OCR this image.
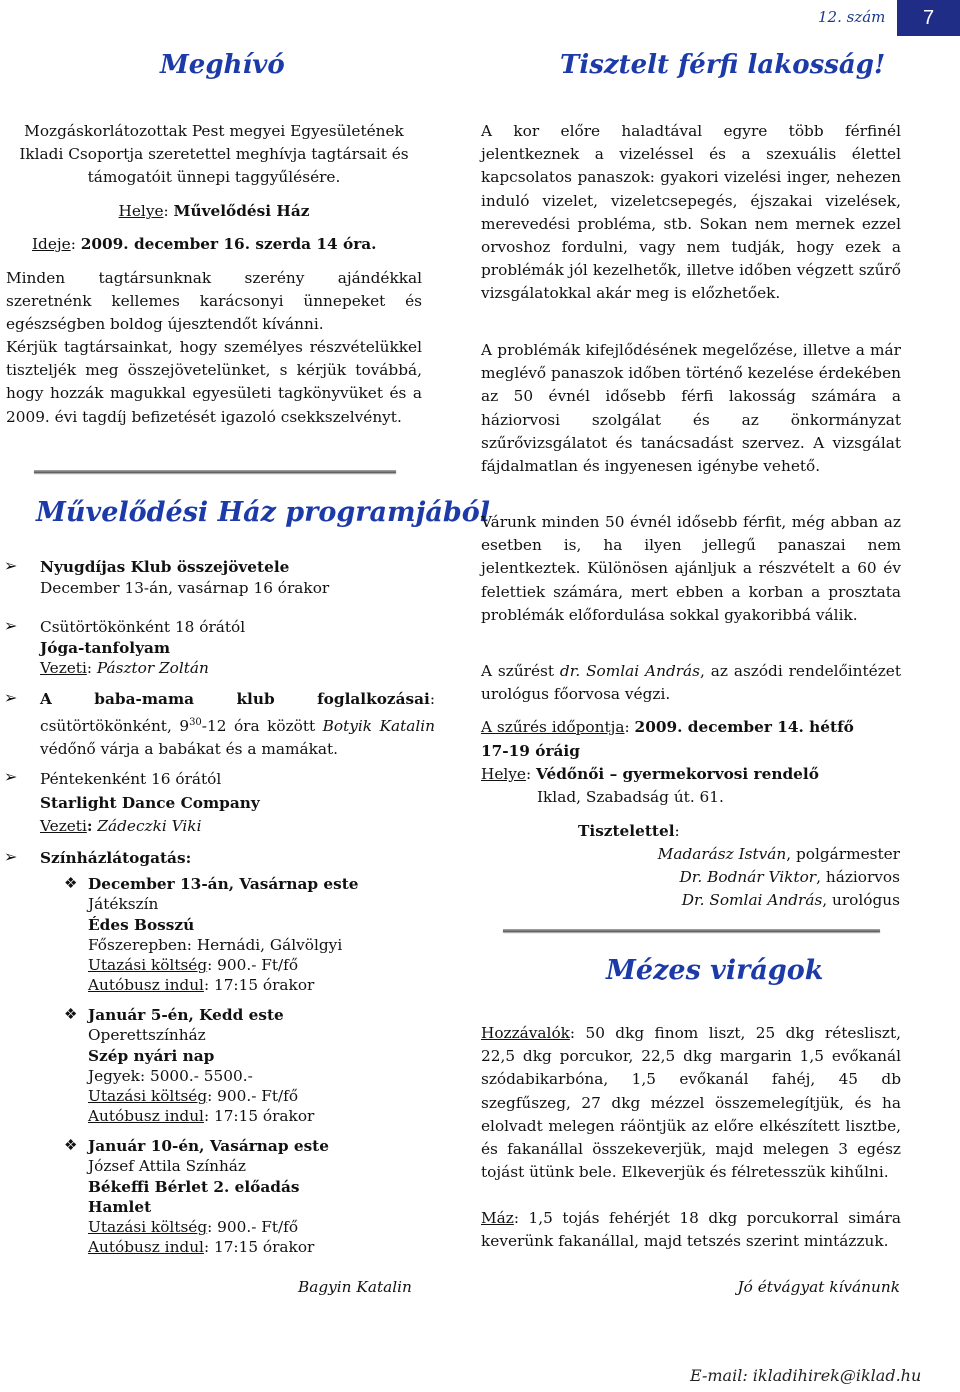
12. szám	7
Meghívó
Mozgáskorlátozottak Pest megyei Egyesületének Ikladi Csoportja szeretettel meghívja tagtársait és támogatóit ünnepi taggyűlésére.
Helye: Művelődési Ház
Ideje: 2009. december 16. szerda 14 óra.
Minden tagtársunknak szerény ajándékkal szeretnénk kellemes karácsonyi ünnepeket és egészségben boldog újesztendőt kívánni.
Kérjük tagtársainkat, hogy személyes részvételükkel tiszteljék meg összejövetelünket, s kérjük továbbá, hogy hozzák magukkal egyesületi tagkönyvüket és a 2009. évi tagdíj befizetését igazoló csekkszelvényt.
Művelődési Ház programjából
➢ Nyugdíjas Klub összejövetele
December 13-án, vasárnap 16 órakor
➢ Csütörtökönként 18 órától
Jóga-tanfolyam
Vezeti: Pásztor Zoltán
➢ A baba-mama klub foglalkozásai: csütörtökönként, $9^{30}-12$ óra között Botyik Katalin védőnő várja a babákat és a mamákat.
➢ Péntekenként 16 órától
Starlight Dance Company
Vezeti: Zádeczki Viki
➢ Színházlátogatás:
❖ December 13-án, Vasárnap este
Játékszín
Édes Bosszú
Főszerepben: Hernádi, Gálvölgyi
Utazási költség: 900.- Ft/fő
Autóbusz indul: 17:15 órakor
❖ Január 5-én, Kedd este
Operettszínház
Szép nyári nap
Jegyek: 5000.- 5500.-
Utazási költség: 900.- Ft/fő
Autóbusz indul: 17:15 órakor
❖ Január 10-én, Vasárnap este
József Attila Színház
Békeffi Bérlet 2. előadás
Hamlet
Utazási költség: 900.- Ft/fő
Autóbusz indul: 17:15 órakor
Bagyin Katalin
Tisztelt férfi lakosság!
A kor előre haladtával egyre több férfinél jelentkeznek a vizeléssel és a szexuális élettel kapcsolatos panaszok: gyakori vizelési inger, nehezen induló vizelet, vizeletcsepegés, éjszakai vizelések, merevedési probléma, stb. Sokan nem mernek ezzel orvoshoz fordulni, vagy nem tudják, hogy ezek a problémák jól kezelhetők, illetve időben végzett szűrő vizsgálatokkal akár meg is előzhetőek.
A problémák kifejlődésének megelőzése, illetve a már meglévő panaszok időben történő kezelése érdekében az 50 évnél idősebb férfi lakosság számára a háziorvosi szolgálat és az önkormányzat szűrővizsgálatot és tanácsadást szervez. A vizsgálat fájdalmatlan és ingyenesen igénybe vehető.
Várunk minden 50 évnél idősebb férfit, még abban az esetben is, ha ilyen jellegű panaszai nem jelentkeztek. Különösen ajánljuk a részvételt a 60 év felettiek számára, mert ebben a korban a prosztata problémák előfordulása sokkal gyakoribbá válik.
A szűrést dr. Somlai András, az aszódi rendelőintézet urológus főorvosa végzi.
A szűrés időpontja: 2009. december 14. hétfő
17-19 óráig
Helye: Védőnői – gyermekorvosi rendelő
Iklad, Szabadság út. 61.
Tisztelettel:
Madarász István, polgármester
Dr. Bodnár Viktor, háziorvos
Dr. Somlai András, urológus
Mézes virágok
Hozzávalók: 50 dkg finom liszt, 25 dkg rétesliszt, 22,5 dkg porcukor, 22,5 dkg margarin 1,5 evőkanál szódabikarbóna, 1,5 evőkanál fahéj, 45 db szegfűszeg, 27 dkg mézzel összemelegítjük, és ha elolvadt melegen ráöntjük az előre elkészített lisztbe, és fakanállal összekeverjük, majd melegen 3 egész tojást ütünk bele. Elkeverjük és félretesszük kihűlni.
Máz: 1,5 tojás fehérjét 18 dkg porcukorral simára keverünk fakanállal, majd tetszés szerint mintázzuk.
Jó étvágyat kívánunk
E-mail: ikladihirek@iklad.hu
